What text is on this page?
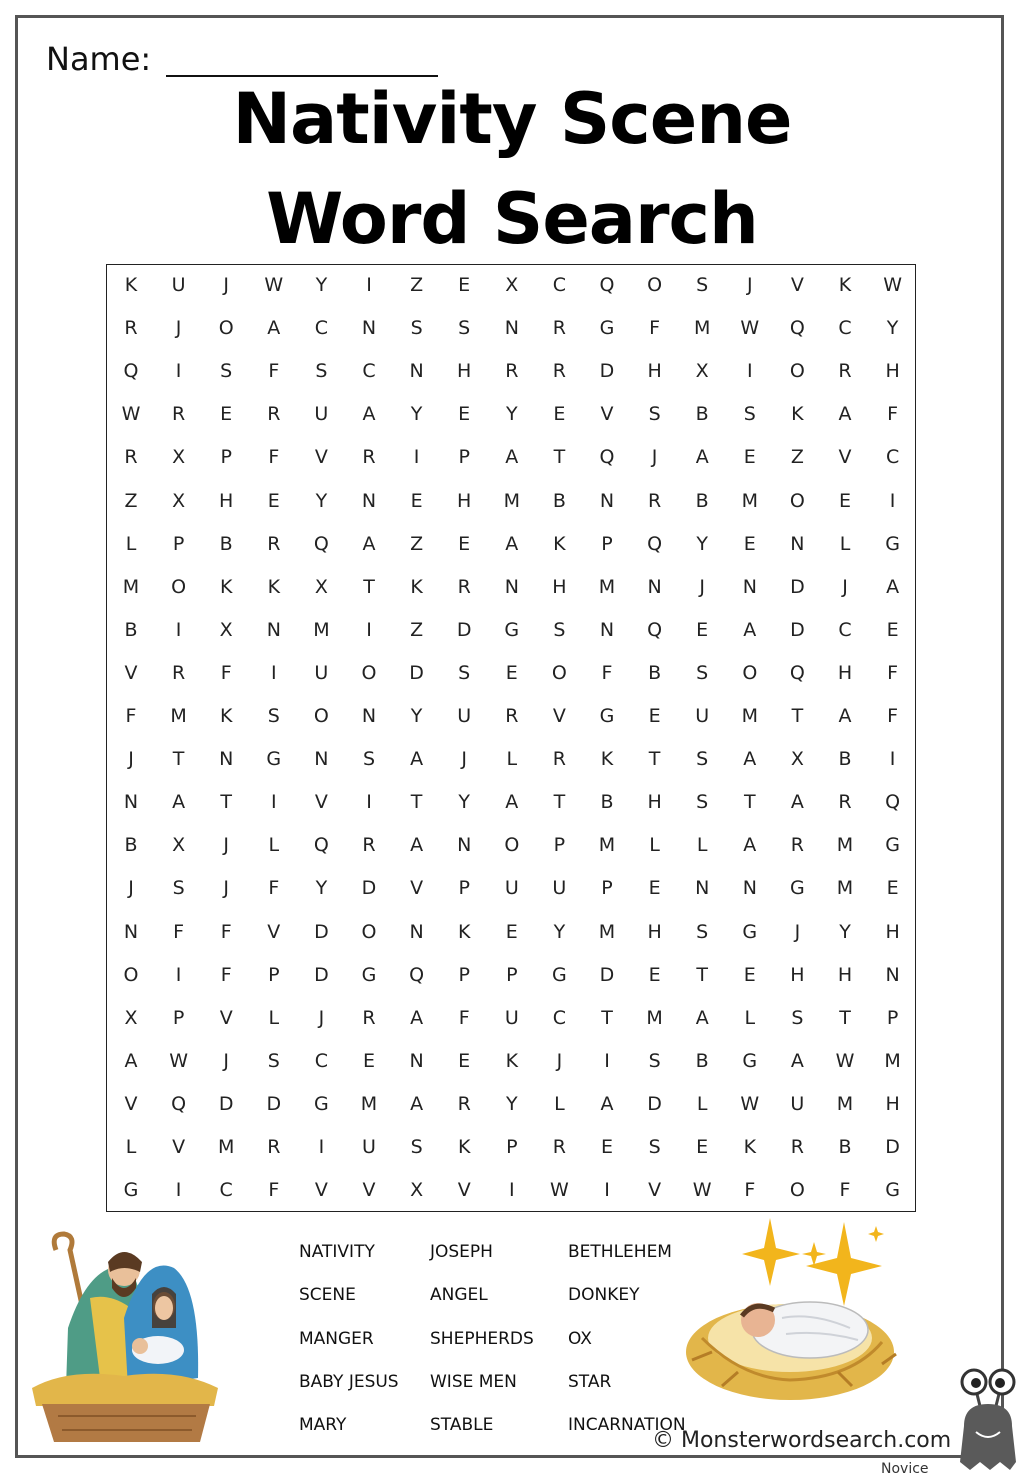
Name:
Nativity Scene
Word Search
K	U	J	W	Y	I	Z	E	X	C	Q	O	S	J	V	K	W
R	J	O	A	C	N	S	S	N	R	G	F	M	W	Q	C	Y
Q	I	S	F	S	C	N	H	R	R	D	H	X	I	O	R	H
W	R	E	R	U	A	Y	E	Y	E	V	S	B	S	K	A	F
R	X	P	F	V	R	I	P	A	T	Q	J	A	E	Z	V	C
Z	X	H	E	Y	N	E	H	M	B	N	R	B	M	O	E	I
L	P	B	R	Q	A	Z	E	A	K	P	Q	Y	E	N	L	G
M	O	K	K	X	T	K	R	N	H	M	N	J	N	D	J	A
B	I	X	N	M	I	Z	D	G	S	N	Q	E	A	D	C	E
V	R	F	I	U	O	D	S	E	O	F	B	S	O	Q	H	F
F	M	K	S	O	N	Y	U	R	V	G	E	U	M	T	A	F
J	T	N	G	N	S	A	J	L	R	K	T	S	A	X	B	I
N	A	T	I	V	I	T	Y	A	T	B	H	S	T	A	R	Q
B	X	J	L	Q	R	A	N	O	P	M	L	L	A	R	M	G
J	S	J	F	Y	D	V	P	U	U	P	E	N	N	G	M	E
N	F	F	V	D	O	N	K	E	Y	M	H	S	G	J	Y	H
O	I	F	P	D	G	Q	P	P	G	D	E	T	E	H	H	N
X	P	V	L	J	R	A	F	U	C	T	M	A	L	S	T	P
A	W	J	S	C	E	N	E	K	J	I	S	B	G	A	W	M
V	Q	D	D	G	M	A	R	Y	L	A	D	L	W	U	M	H
L	V	M	R	I	U	S	K	P	R	E	S	E	K	R	B	D
G	I	C	F	V	V	X	V	I	W	I	V	W	F	O	F	G
NATIVITY
SCENE
MANGER
BABY JESUS
MARY
JOSEPH
ANGEL
SHEPHERDS
WISE MEN
STABLE
BETHLEHEM
DONKEY
OX
STAR
INCARNATION
© Monsterwordsearch.com
Novice
